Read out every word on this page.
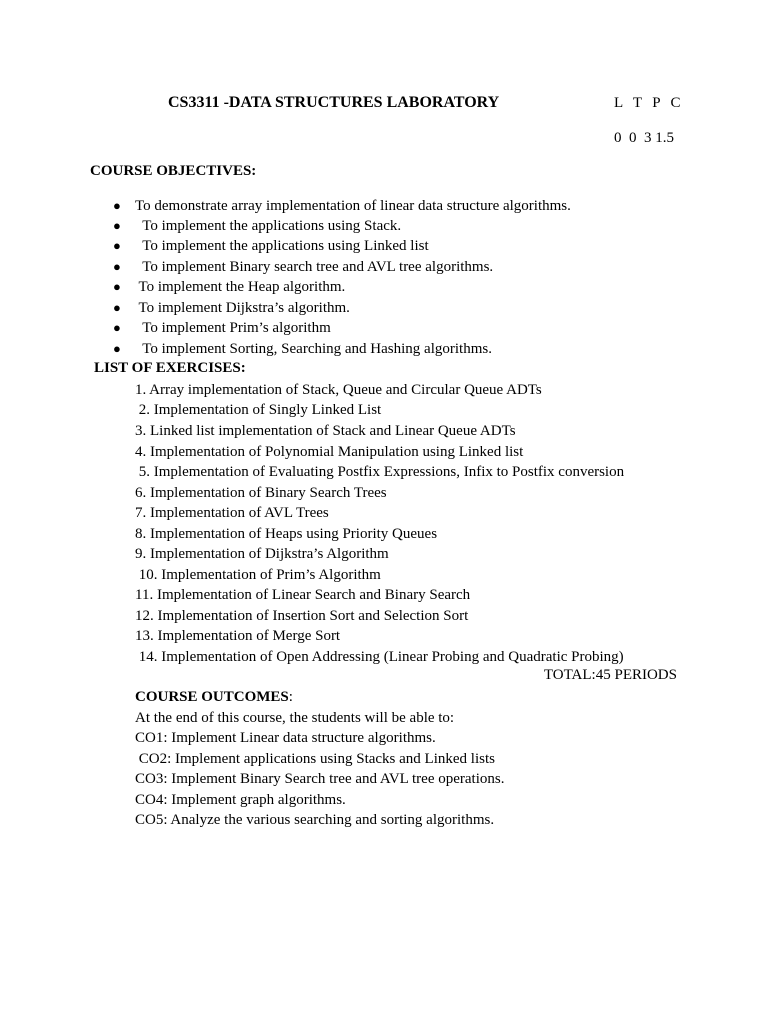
CS3311 -DATA STRUCTURES LABORATORY	L  T  P  C
0  0  3 1.5
COURSE OBJECTIVES:
● To demonstrate array implementation of linear data structure algorithms.
● To implement the applications using Stack.
● To implement the applications using Linked list
● To implement Binary search tree and AVL tree algorithms.
● To implement the Heap algorithm.
● To implement Dijkstra’s algorithm.
● To implement Prim’s algorithm
● To implement Sorting, Searching and Hashing algorithms.
LIST OF EXERCISES:
1. Array implementation of Stack, Queue and Circular Queue ADTs
2. Implementation of Singly Linked List
3. Linked list implementation of Stack and Linear Queue ADTs
4. Implementation of Polynomial Manipulation using Linked list
5. Implementation of Evaluating Postfix Expressions, Infix to Postfix conversion
6. Implementation of Binary Search Trees
7. Implementation of AVL Trees
8. Implementation of Heaps using Priority Queues
9. Implementation of Dijkstra’s Algorithm
10. Implementation of Prim’s Algorithm
11. Implementation of Linear Search and Binary Search
12. Implementation of Insertion Sort and Selection Sort
13. Implementation of Merge Sort
14. Implementation of Open Addressing (Linear Probing and Quadratic Probing)
TOTAL:45 PERIODS
COURSE OUTCOMES:
At the end of this course, the students will be able to:
CO1: Implement Linear data structure algorithms.
CO2: Implement applications using Stacks and Linked lists
CO3: Implement Binary Search tree and AVL tree operations.
CO4: Implement graph algorithms.
CO5: Analyze the various searching and sorting algorithms.
